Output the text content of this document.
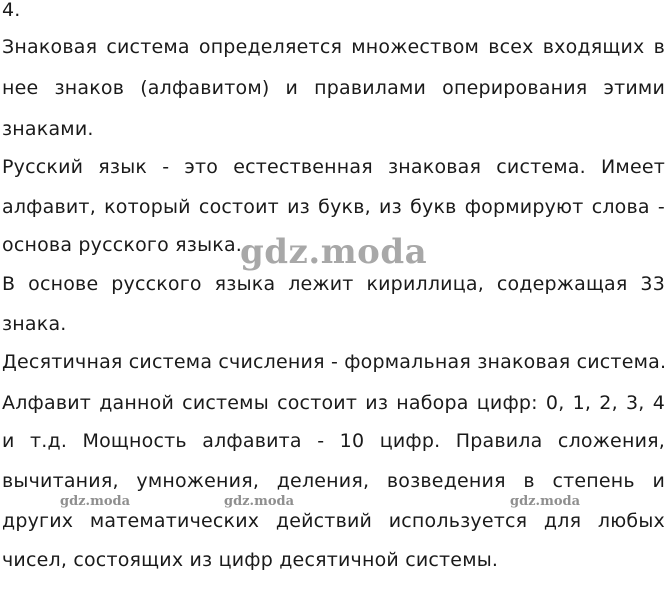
4.
Знаковая система определяется множеством всех входящих в
нее знаков (алфавитом) и правилами оперирования этими
знаками.
Русский язык - это естественная знаковая система. Имеет
алфавит, который состоит из букв, из букв формируют слова -
основа русского языка.
В основе русского языка лежит кириллица, содержащая 33
знака.
Десятичная система счисления - формальная знаковая система.
Алфавит данной системы состоит из набора цифр: 0, 1, 2, 3, 4
и т.д. Мощность алфавита - 10 цифр. Правила сложения,
вычитания, умножения, деления, возведения в степень и
других математических действий используется для любых
чисел, состоящих из цифр десятичной системы.
gdz.moda
gdz.moda	gdz.moda	gdz.moda
